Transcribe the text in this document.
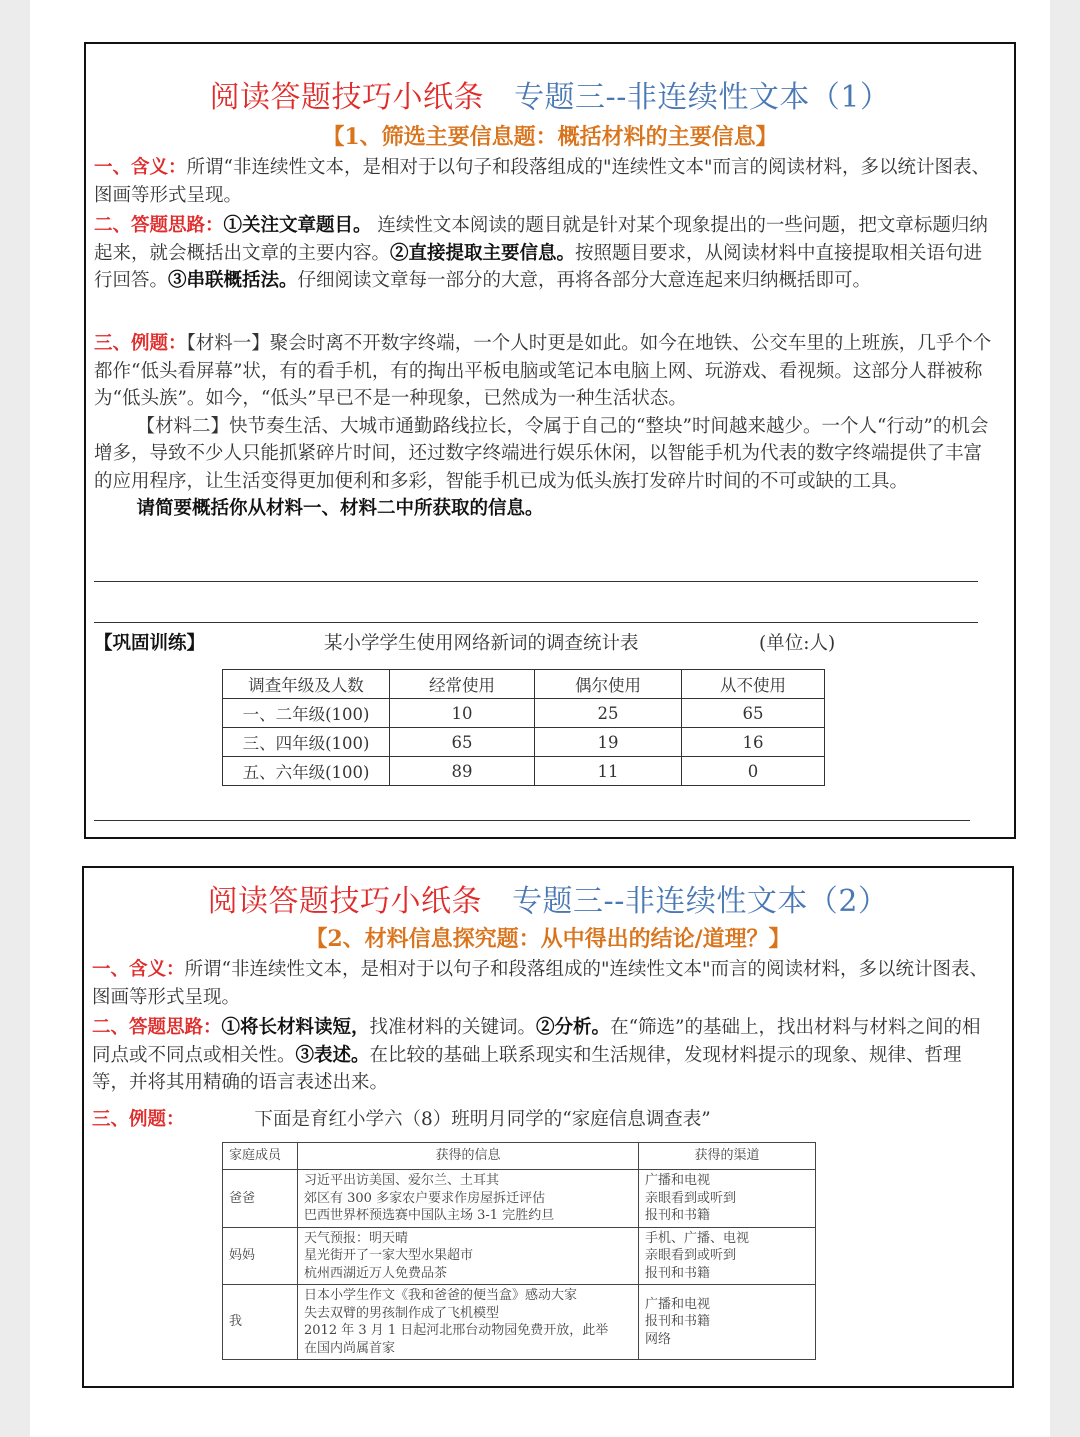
阅读答题技巧小纸条 专题三--非连续性文本（1）
【1、筛选主要信息题：概括材料的主要信息】
一、含义：所谓“非连续性文本，是相对于以句子和段落组成的"连续性文本"而言的阅读材料，多以统计图表、图画等形式呈现。
二、答题思路：①关注文章题目。 连续性文本阅读的题目就是针对某个现象提出的一些问题，把文章标题归纳起来，就会概括出文章的主要内容。②直接提取主要信息。按照题目要求，从阅读材料中直接提取相关语句进行回答。③串联概括法。仔细阅读文章每一部分的大意，再将各部分大意连起来归纳概括即可。
三、例题：【材料一】聚会时离不开数字终端，一个人时更是如此。如今在地铁、公交车里的上班族，几乎个个都作“低头看屏幕”状，有的看手机，有的掏出平板电脑或笔记本电脑上网、玩游戏、看视频。这部分人群被称为“低头族”。如今，“低头”早已不是一种现象，已然成为一种生活状态。
【材料二】快节奏生活、大城市通勤路线拉长，令属于自己的“整块”时间越来越少。一个人“行动”的机会增多，导致不少人只能抓紧碎片时间，还过数字终端进行娱乐休闲，以智能手机为代表的数字终端提供了丰富的应用程序，让生活变得更加便利和多彩，智能手机已成为低头族打发碎片时间的不可或缺的工具。
请简要概括你从材料一、材料二中所获取的信息。
【巩固训练】	某小学学生使用网络新词的调查统计表	(单位:人)
调查年级及人数	经常使用	偶尔使用	从不使用
一、二年级(100)	10	25	65
三、四年级(100)	65	19	16
五、六年级(100)	89	11	0
阅读答题技巧小纸条 专题三--非连续性文本（2）
【2、材料信息探究题：从中得出的结论/道理？】
一、含义：所谓“非连续性文本，是相对于以句子和段落组成的"连续性文本"而言的阅读材料，多以统计图表、图画等形式呈现。
二、答题思路：①将长材料读短，找准材料的关键词。②分析。在“筛选”的基础上，找出材料与材料之间的相同点或不同点或相关性。③表述。在比较的基础上联系现实和生活规律，发现材料提示的现象、规律、哲理等，并将其用精确的语言表述出来。
三、例题：	下面是育红小学六（8）班明月同学的“家庭信息调查表”
家庭成员	获得的信息	获得的渠道
爸爸	习近平出访美国、爱尔兰、土耳其
郊区有 300 多家农户要求作房屋拆迁评估
巴西世界杯预选赛中国队主场 3-1 完胜约旦	广播和电视
亲眼看到或听到
报刊和书籍

妈妈	天气预报：明天晴
星光街开了一家大型水果超市
杭州西湖近万人免费品茶	手机、广播、电视
亲眼看到或听到
报刊和书籍

我	日本小学生作文《我和爸爸的便当盒》感动大家
失去双臂的男孩制作成了飞机模型
2012 年 3 月 1 日起河北邢台动物园免费开放，此举
在国内尚属首家	广播和电视
报刊和书籍
网络
